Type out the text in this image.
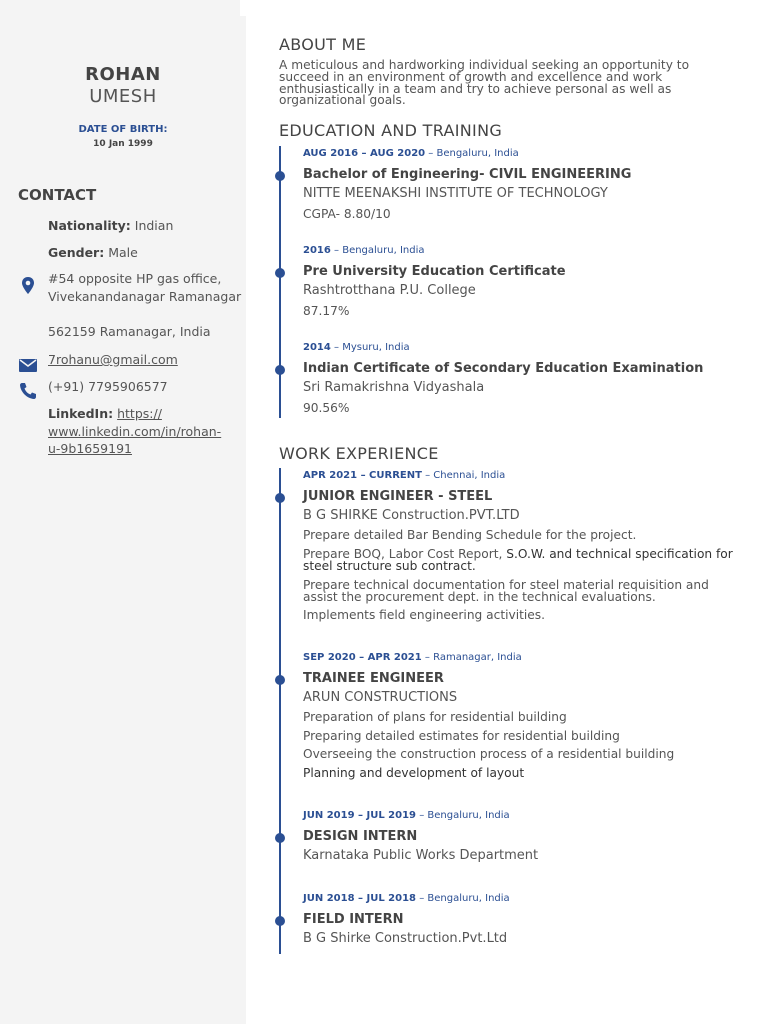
ROHAN
UMESH
DATE OF BIRTH:
10 Jan 1999
CONTACT
Nationality: Indian
Gender: Male
#54 opposite HP gas office,
Vivekanandanagar Ramanagar
562159 Ramanagar, India
7rohanu@gmail.com
(+91) 7795906577
LinkedIn: https://
www.linkedin.com/in/rohan-
u-9b1659191
ABOUT ME
A meticulous and hardworking individual seeking an opportunity to succeed in an environment of growth and excellence and work enthusiastically in a team and try to achieve personal as well as organizational goals.
EDUCATION AND TRAINING
AUG 2016 – AUG 2020 – Bengaluru, India
Bachelor of Engineering- CIVIL ENGINEERING
NITTE MEENAKSHI INSTITUTE OF TECHNOLOGY
CGPA- 8.80/10
2016 – Bengaluru, India
Pre University Education Certificate
Rashtrotthana P.U. College
87.17%
2014 – Mysuru, India
Indian Certificate of Secondary Education Examination
Sri Ramakrishna Vidyashala
90.56%
WORK EXPERIENCE
APR 2021 – CURRENT – Chennai, India
JUNIOR ENGINEER - STEEL
B G SHIRKE Construction.PVT.LTD
Prepare detailed Bar Bending Schedule for the project.
Prepare BOQ, Labor Cost Report, S.O.W. and technical specification for steel structure sub contract.
Prepare technical documentation for steel material requisition and assist the procurement dept. in the technical evaluations.
Implements field engineering activities.
SEP 2020 – APR 2021 – Ramanagar, India
TRAINEE ENGINEER
ARUN CONSTRUCTIONS
Preparation of plans for residential building
Preparing detailed estimates for residential building
Overseeing the construction process of a residential building
Planning and development of layout
JUN 2019 – JUL 2019 – Bengaluru, India
DESIGN INTERN
Karnataka Public Works Department
JUN 2018 – JUL 2018 – Bengaluru, India
FIELD INTERN
B G Shirke Construction.Pvt.Ltd
